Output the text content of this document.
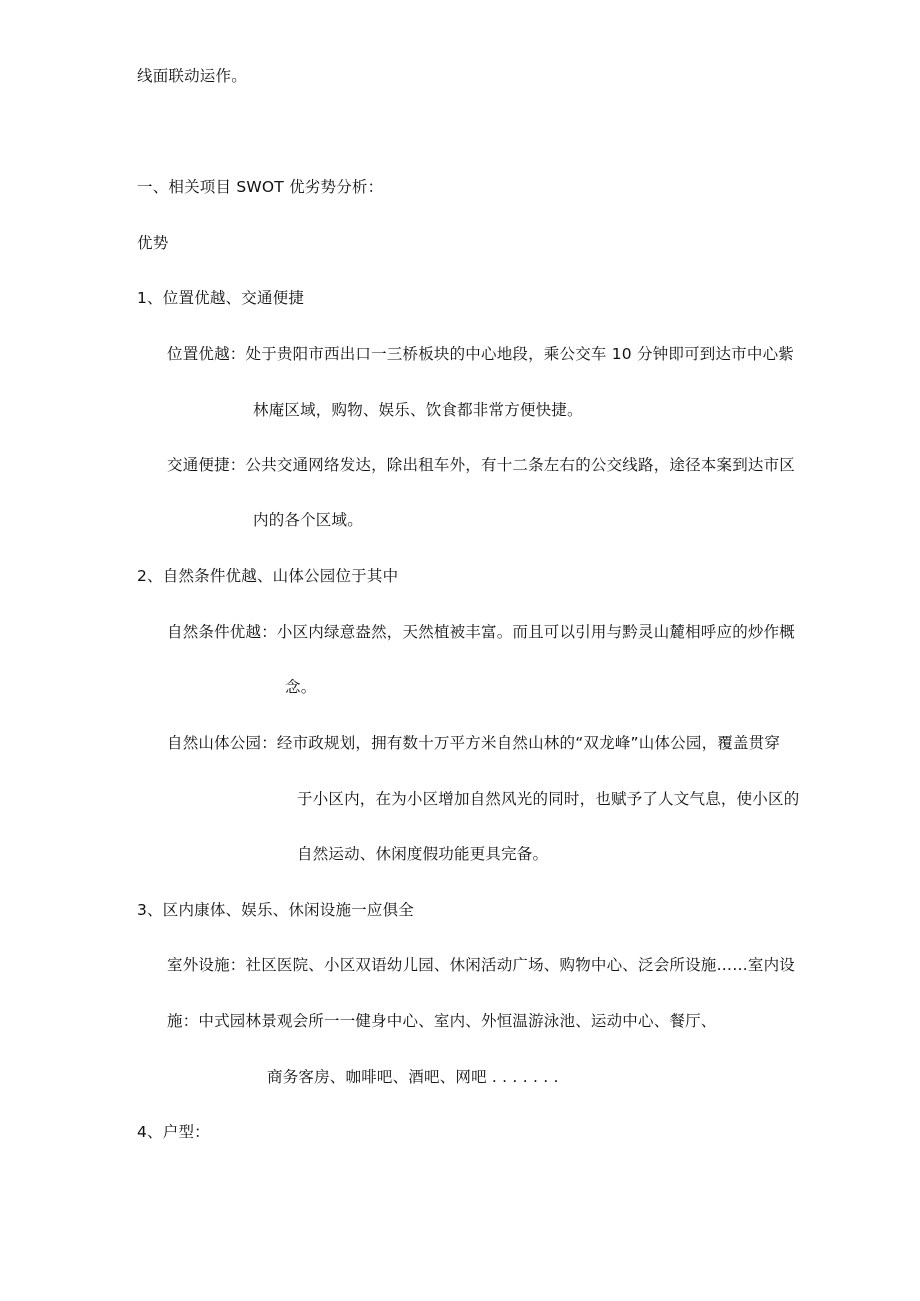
线面联动运作。
一、相关项目 SWOT 优劣势分析：
优势
1、位置优越、交通便捷
位置优越：处于贵阳市西出口一三桥板块的中心地段，乘公交车 10 分钟即可到达市中心紫
林庵区域，购物、娱乐、饮食都非常方便快捷。
交通便捷：公共交通网络发达，除出租车外，有十二条左右的公交线路，途径本案到达市区
内的各个区域。
2、自然条件优越、山体公园位于其中
自然条件优越：小区内绿意盎然，天然植被丰富。而且可以引用与黔灵山麓相呼应的炒作概
念。
自然山体公园：经市政规划，拥有数十万平方米自然山林的“双龙峰”山体公园，覆盖贯穿
于小区内，在为小区增加自然风光的同时，也赋予了人文气息，使小区的
自然运动、休闲度假功能更具完备。
3、区内康体、娱乐、休闲设施一应俱全
室外设施：社区医院、小区双语幼儿园、休闲活动广场、购物中心、泛会所设施……室内设
施：中式园林景观会所一一健身中心、室内、外恒温游泳池、运动中心、餐厅、
商务客房、咖啡吧、酒吧、网吧 . . . . . . .
4、户型：
